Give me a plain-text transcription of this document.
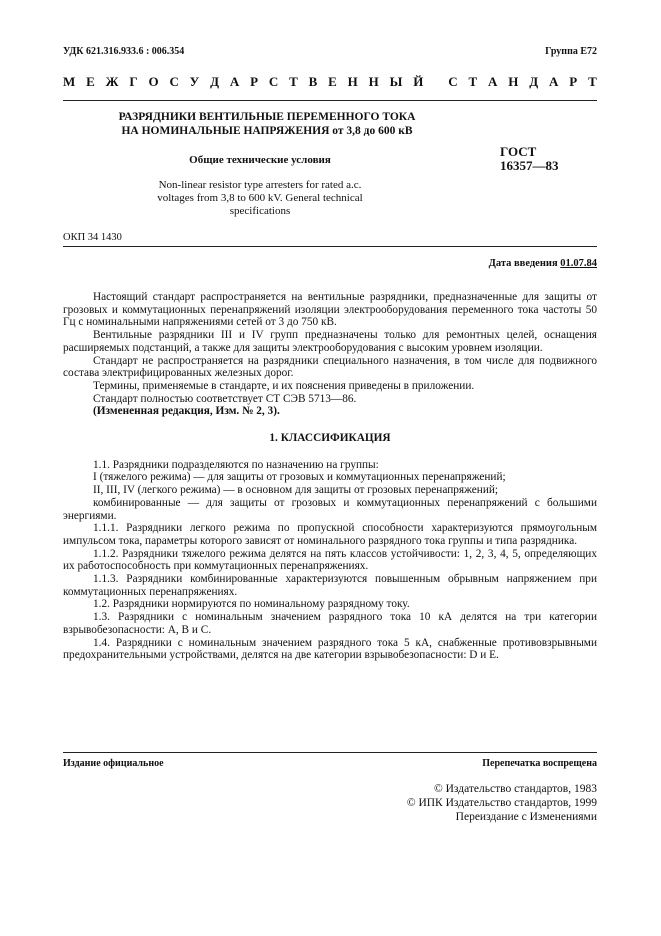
УДК 621.316.933.6 : 006.354	Группа Е72
М Е Ж Г О С У Д А Р С Т В Е Н Н Ы Й
С Т А Н Д А Р Т
РАЗРЯДНИКИ ВЕНТИЛЬНЫЕ ПЕРЕМЕННОГО ТОКА
НА НОМИНАЛЬНЫЕ НАПРЯЖЕНИЯ от 3,8 до 600 кВ
Общие технические условия
Non-linear resistor type arresters for rated a.c. voltages from 3,8 to 600 kV. General technical specifications
ГОСТ
16357—83
ОКП 34 1430
Дата введения 01.07.84

Настоящий стандарт распространяется на вентильные разрядники, предназначенные для защиты от грозовых и коммутационных перенапряжений изоляции электрооборудования переменного тока частоты 50 Гц с номинальными напряжениями сетей от 3 до 750 кВ.

Вентильные разрядники III и IV групп предназначены только для ремонтных целей, оснащения расширяемых подстанций, а также для защиты электрооборудования с высоким уровнем изоляции.

Стандарт не распространяется на разрядники специального назначения, в том числе для подвижного состава электрифицированных железных дорог.

Термины, применяемые в стандарте, и их пояснения приведены в приложении.

Стандарт полностью соответствует СТ СЭВ 5713—86.

(Измененная редакция, Изм. № 2, 3).

1. КЛАССИФИКАЦИЯ

1.1. Разрядники подразделяются по назначению на группы:

I (тяжелого режима) — для защиты от грозовых и коммутационных перенапряжений;

II, III, IV (легкого режима) — в основном для защиты от грозовых перенапряжений;

комбинированные — для защиты от грозовых и коммутационных перенапряжений с большими энергиями.

1.1.1. Разрядники легкого режима по пропускной способности характеризуются прямоугольным импульсом тока, параметры которого зависят от номинального разрядного тока группы и типа разрядника.

1.1.2. Разрядники тяжелого режима делятся на пять классов устойчивости: 1, 2, 3, 4, 5, определяющих их работоспособность при коммутационных перенапряжениях.

1.1.3. Разрядники комбинированные характеризуются повышенным обрывным напряжением при коммутационных перенапряжениях.

1.2. Разрядники нормируются по номинальному разрядному току.

1.3. Разрядники с номинальным значением разрядного тока 10 кА делятся на три категории взрывобезопасности: А, В и С.

1.4. Разрядники с номинальным значением разрядного тока 5 кА, снабженные противовзрывными предохранительными устройствами, делятся на две категории взрывобезопасности: D и Е.

Издание официальное	Перепечатка воспрещена
© Издательство стандартов, 1983
© ИПК Издательство стандартов, 1999
Переиздание с Изменениями
